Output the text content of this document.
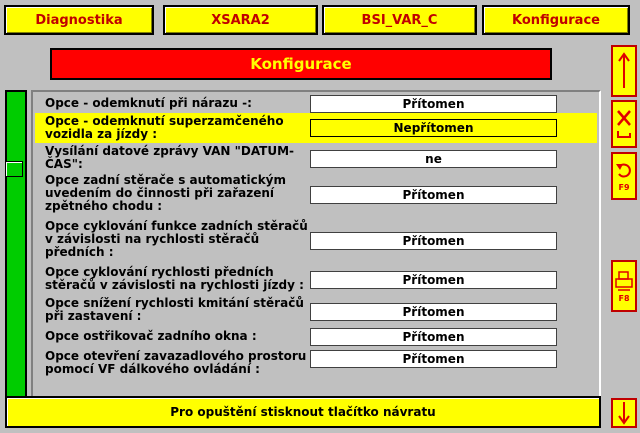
Diagnostika	XSARA2	BSI_VAR_C	Konfigurace
Konfigurace
Opce - odemknutí při nárazu -:	Přítomen
Opce - odemknutí superzamčeného vozidla za jízdy :	Nepřítomen
Vysílání datové zprávy VAN "DATUM-ČAS":	ne
Opce zadní stěrače s automatickým uvedením do činnosti při zařazení zpětného chodu :
Přítomen
Opce cyklování funkce zadních stěračů v závislosti na rychlosti stěračů předních :
Přítomen
Opce cyklování rychlosti předních stěračů v závislosti na rychlosti jízdy :	Přítomen
Opce snížení rychlosti kmitání stěračů při zastavení :	Přítomen
Opce ostřikovač zadního okna :	Přítomen
Opce otevření zavazadlového prostoru pomocí VF dálkového ovládání :
Přítomen
F9
F8
Pro opuštění stisknout tlačítko návratu
